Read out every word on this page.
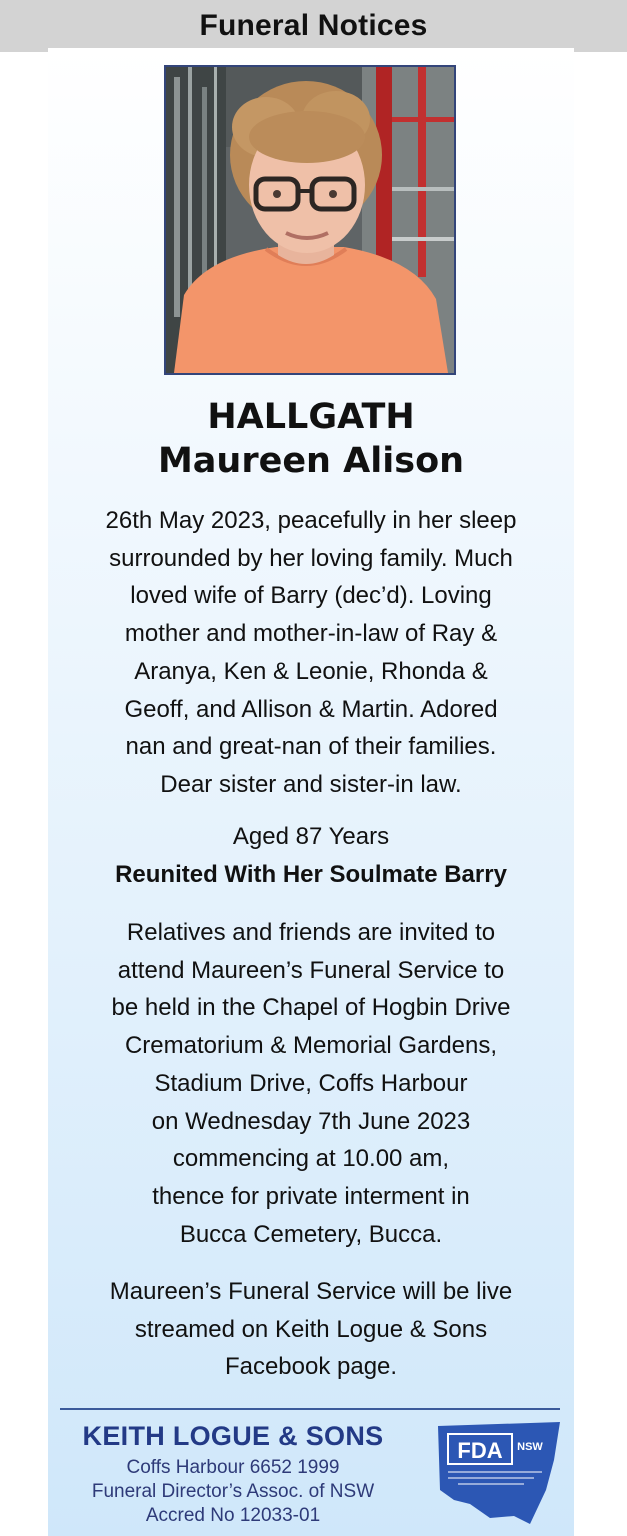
Funeral Notices
HALLGATH
Maureen Alison
26th May 2023, peacefully in her sleep
surrounded by her loving family. Much
loved wife of Barry (dec’d). Loving
mother and mother-in-law of Ray &
Aranya, Ken & Leonie, Rhonda &
Geoff, and Allison & Martin. Adored
nan and great-nan of their families.
Dear sister and sister-in law.
Aged 87 Years
Reunited With Her Soulmate Barry
Relatives and friends are invited to
attend Maureen’s Funeral Service to
be held in the Chapel of Hogbin Drive
Crematorium & Memorial Gardens,
Stadium Drive, Coffs Harbour
on Wednesday 7th June 2023
commencing at 10.00 am,
thence for private interment in
Bucca Cemetery, Bucca.
Maureen’s Funeral Service will be live
streamed on Keith Logue & Sons
Facebook page.
KEITH LOGUE & SONS
Coffs Harbour 6652 1999
Funeral Director’s Assoc. of NSW
Accred No 12033-01
FDA NSW
